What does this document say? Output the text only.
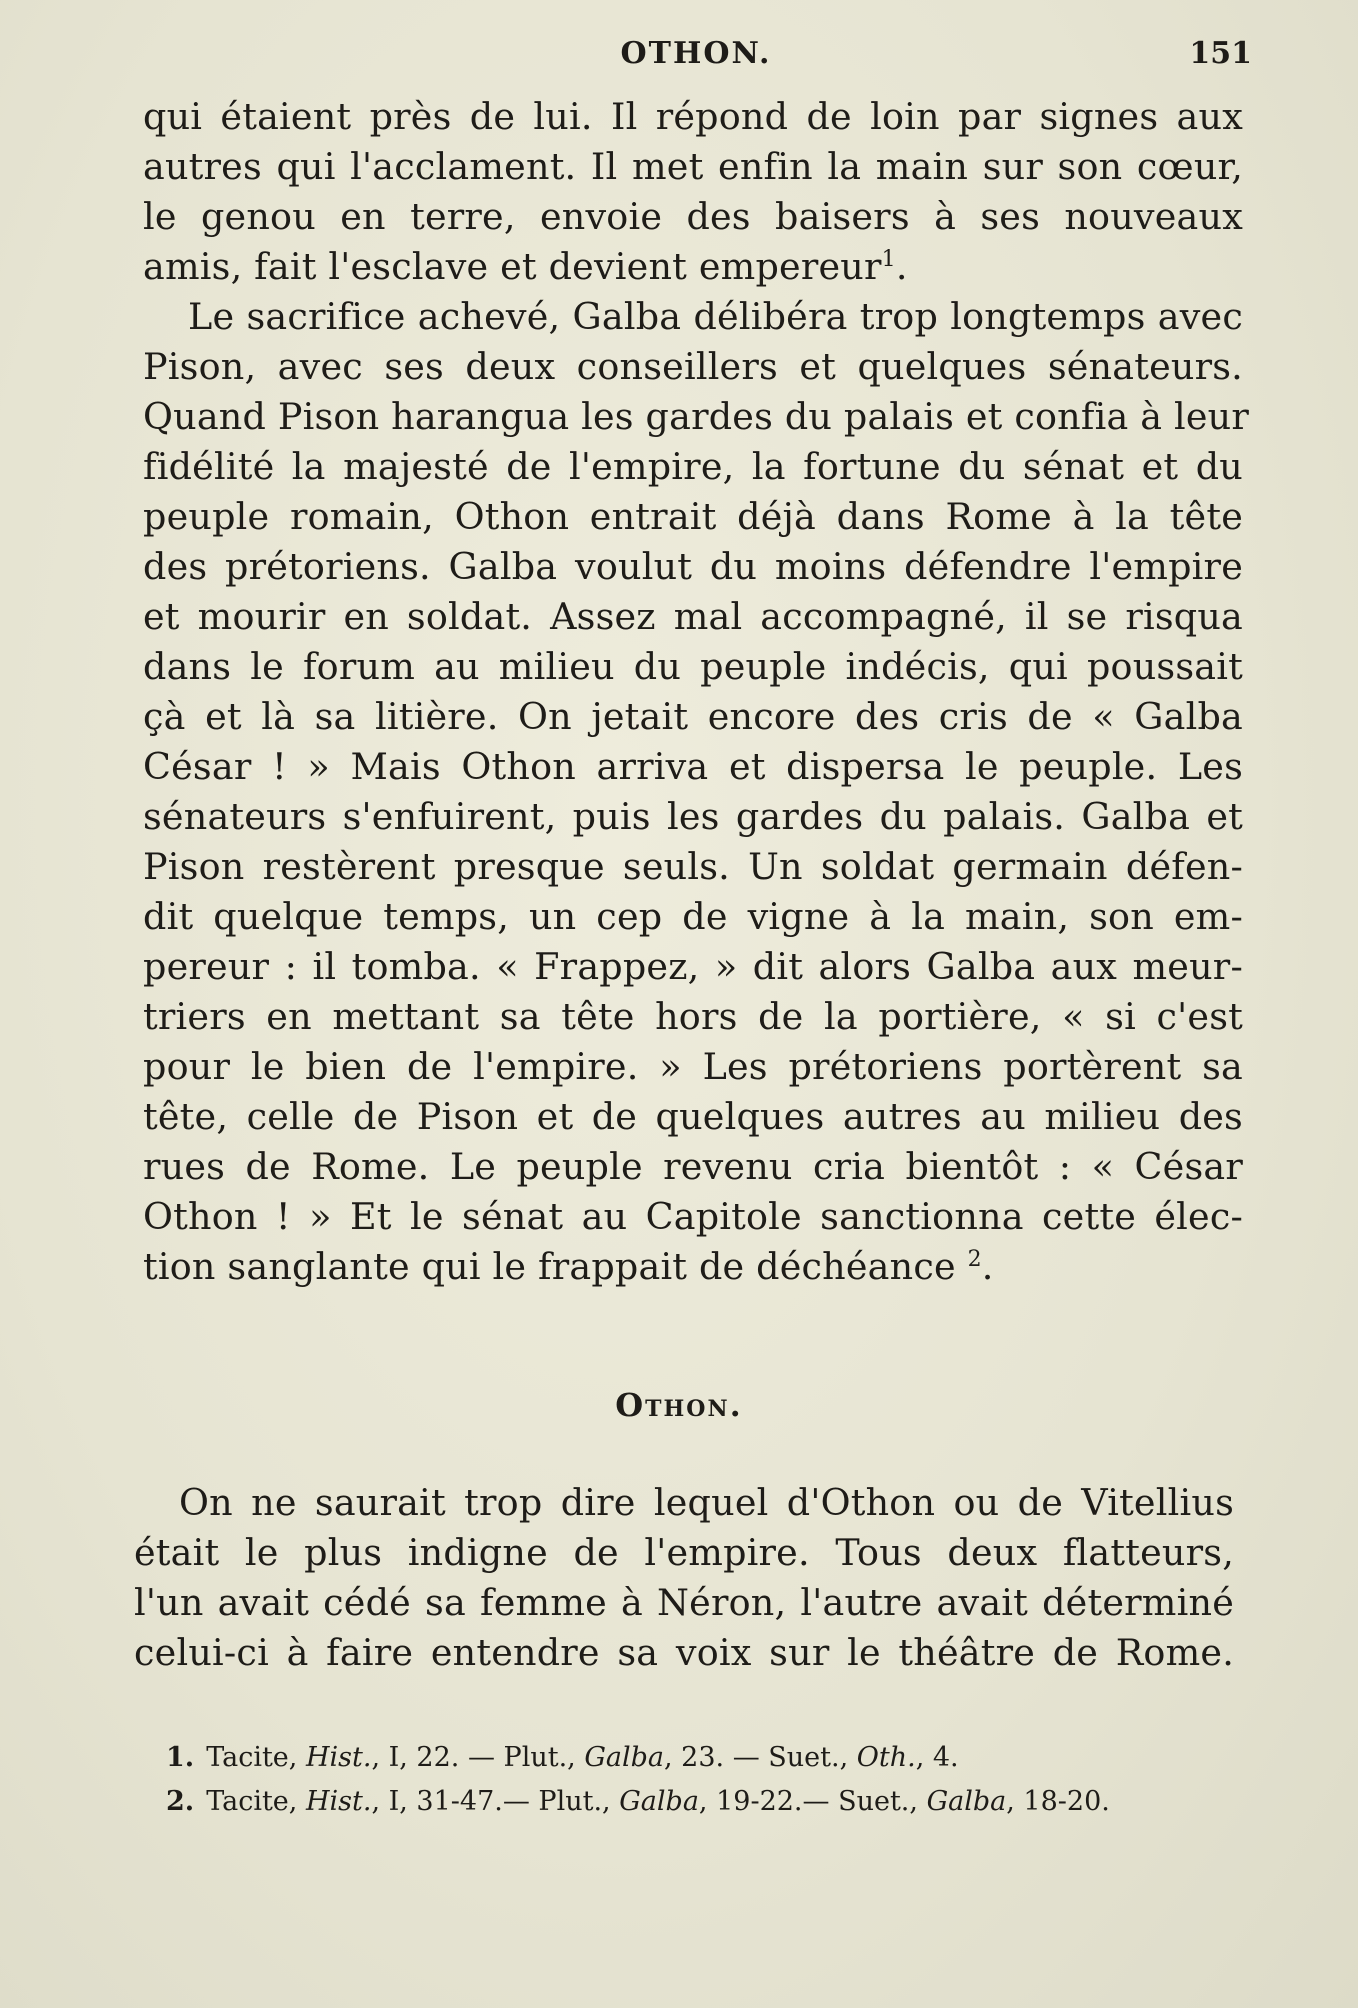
OTHON.	151
qui étaient près de lui. Il répond de loin par signes aux
autres qui l'acclament. Il met enfin la main sur son cœur,
le genou en terre, envoie des baisers à ses nouveaux
amis, fait l'esclave et devient empereur$^1$.
Le sacrifice achevé, Galba délibéra trop longtemps avec
Pison, avec ses deux conseillers et quelques sénateurs.
Quand Pison harangua les gardes du palais et confia à leur
fidélité la majesté de l'empire, la fortune du sénat et du
peuple romain, Othon entrait déjà dans Rome à la tête
des prétoriens. Galba voulut du moins défendre l'empire
et mourir en soldat. Assez mal accompagné, il se risqua
dans le forum au milieu du peuple indécis, qui poussait
çà et là sa litière. On jetait encore des cris de « Galba
César ! » Mais Othon arriva et dispersa le peuple. Les
sénateurs s'enfuirent, puis les gardes du palais. Galba et
Pison restèrent presque seuls. Un soldat germain défen-
dit quelque temps, un cep de vigne à la main, son em-
pereur : il tomba. « Frappez, » dit alors Galba aux meur-
triers en mettant sa tête hors de la portière, « si c'est
pour le bien de l'empire. » Les prétoriens portèrent sa
tête, celle de Pison et de quelques autres au milieu des
rues de Rome. Le peuple revenu cria bientôt : « César
Othon ! » Et le sénat au Capitole sanctionna cette élec-
tion sanglante qui le frappait de déchéance $^2$.
Othon.
On ne saurait trop dire lequel d'Othon ou de Vitellius
était le plus indigne de l'empire. Tous deux flatteurs,
l'un avait cédé sa femme à Néron, l'autre avait déterminé
celui-ci à faire entendre sa voix sur le théâtre de Rome.
1. Tacite, Hist., I, 22. — Plut., Galba, 23. — Suet., Oth., 4.
2. Tacite, Hist., I, 31-47.— Plut., Galba, 19-22.— Suet., Galba, 18-20.
